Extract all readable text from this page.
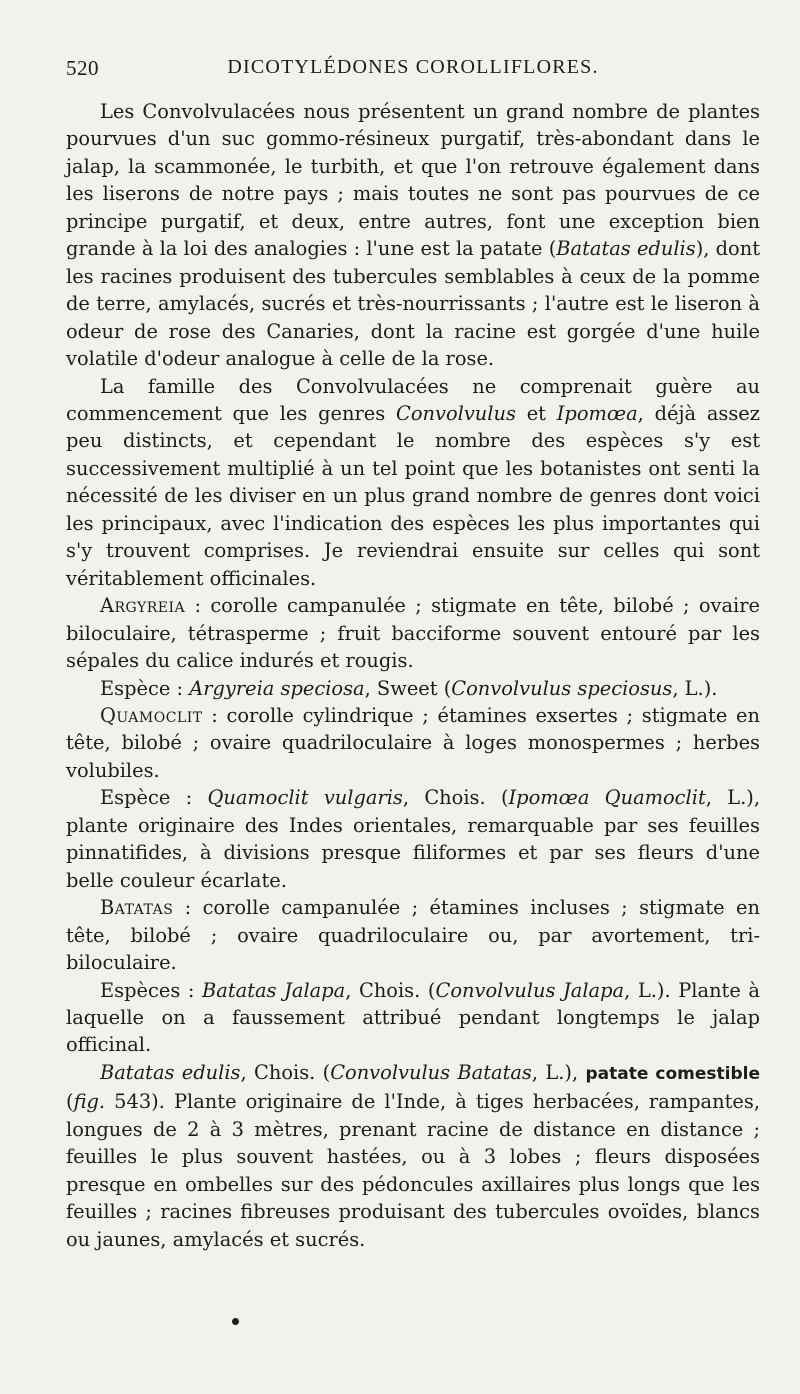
520	DICOTYLÉDONES COROLLIFLORES.

Les Convolvulacées nous présentent un grand nombre de plantes pourvues d'un suc gommo-résineux purgatif, très-abondant dans le jalap, la scammonée, le turbith, et que l'on retrouve également dans les liserons de notre pays ; mais toutes ne sont pas pourvues de ce principe purgatif, et deux, entre autres, font une exception bien grande à la loi des analogies : l'une est la patate (Batatas edulis), dont les racines produisent des tubercules semblables à ceux de la pomme de terre, amylacés, sucrés et très-nourrissants ; l'autre est le liseron à odeur de rose des Canaries, dont la racine est gorgée d'une huile volatile d'odeur analogue à celle de la rose.

La famille des Convolvulacées ne comprenait guère au commencement que les genres Convolvulus et Ipomœa, déjà assez peu distincts, et cependant le nombre des espèces s'y est successivement multiplié à un tel point que les botanistes ont senti la nécessité de les diviser en un plus grand nombre de genres dont voici les principaux, avec l'indication des espèces les plus importantes qui s'y trouvent comprises. Je reviendrai ensuite sur celles qui sont véritablement officinales.

Argyreia : corolle campanulée ; stigmate en tête, bilobé ; ovaire biloculaire, tétrasperme ; fruit bacciforme souvent entouré par les sépales du calice indurés et rougis.

Espèce : Argyreia speciosa, Sweet (Convolvulus speciosus, L.).

Quamoclit : corolle cylindrique ; étamines exsertes ; stigmate en tête, bilobé ; ovaire quadriloculaire à loges monospermes ; herbes volubiles.

Espèce : Quamoclit vulgaris, Chois. (Ipomœa Quamoclit, L.), plante originaire des Indes orientales, remarquable par ses feuilles pinnatifides, à divisions presque filiformes et par ses fleurs d'une belle couleur écarlate.

Batatas : corolle campanulée ; étamines incluses ; stigmate en tête, bilobé ; ovaire quadriloculaire ou, par avortement, tri-biloculaire.

Espèces : Batatas Jalapa, Chois. (Convolvulus Jalapa, L.). Plante à laquelle on a faussement attribué pendant longtemps le jalap officinal.

Batatas edulis, Chois. (Convolvulus Batatas, L.), patate comestible (fig. 543). Plante originaire de l'Inde, à tiges herbacées, rampantes, longues de 2 à 3 mètres, prenant racine de distance en distance ; feuilles le plus souvent hastées, ou à 3 lobes ; fleurs disposées presque en ombelles sur des pédoncules axillaires plus longs que les feuilles ; racines fibreuses produisant des tubercules ovoïdes, blancs ou jaunes, amylacés et sucrés.
